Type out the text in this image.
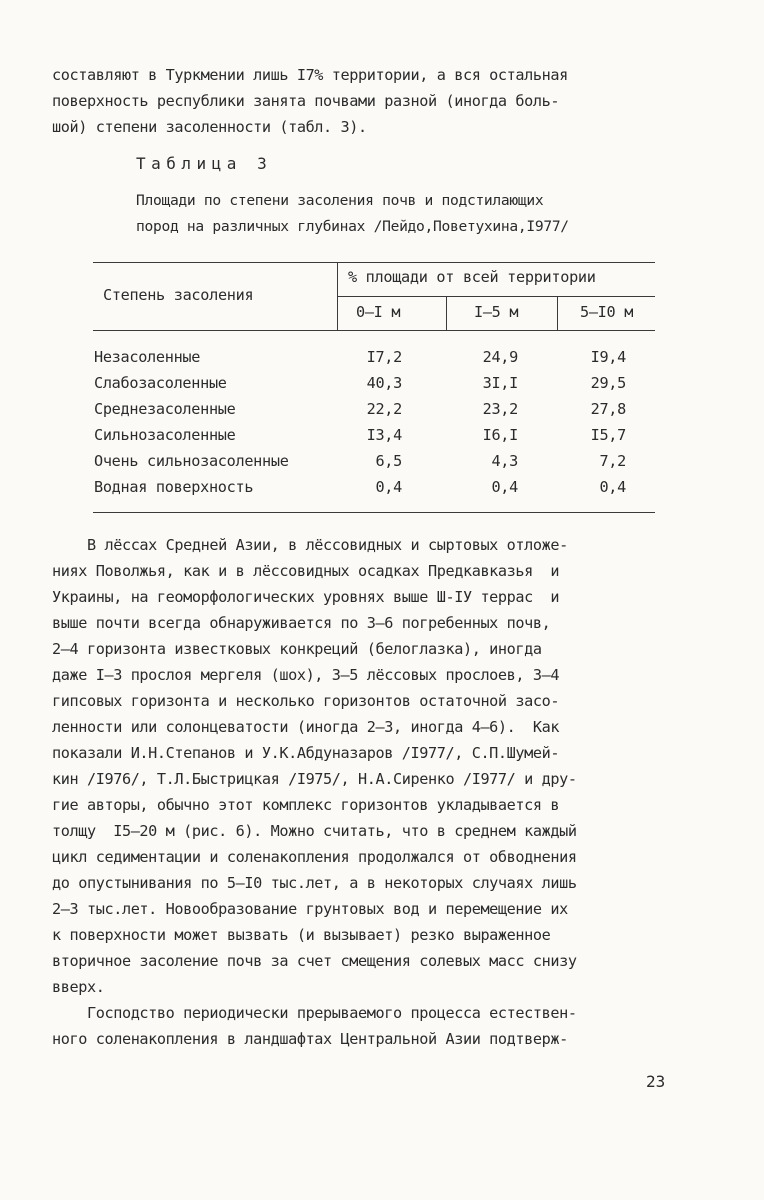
составляют в Туркмении лишь I7% территории, а вся остальная
поверхность республики занята почвами разной (иногда боль-
шой) степени засоленности (табл. 3).
Таблица 3
Площади по степени засоления почв и подстилающих
пород на различных глубинах /Пейдо,Поветухина,I977/
Степень засоления
% площади от всей территории
0–I м	I–5 м	5–I0 м
Незасоленные	I7,2	24,9	I9,4
Слабозасоленные	40,3	3I,I	29,5
Среднезасоленные	22,2	23,2	27,8
Сильнозасоленные	I3,4	I6,I	I5,7
Очень сильнозасоленные	6,5	4,3	7,2
Водная поверхность	0,4	0,4	0,4
В лёссах Средней Азии, в лёссовидных и сыртовых отложе-
ниях Поволжья, как и в лёссовидных осадках Предкавказья  и
Украины, на геоморфологических уровнях выше Ш-IУ террас  и
выше почти всегда обнаруживается по 3–6 погребенных почв,
2–4 горизонта известковых конкреций (белоглазка), иногда
даже I–3 прослоя мергеля (шох), 3–5 лёссовых прослоев, 3–4
гипсовых горизонта и несколько горизонтов остаточной засо-
ленности или солонцеватости (иногда 2–3, иногда 4–6).  Как
показали И.Н.Степанов и У.К.Абдуназаров /I977/, С.П.Шумей-
кин /I976/, Т.Л.Быстрицкая /I975/, Н.А.Сиренко /I977/ и дру-
гие авторы, обычно этот комплекс горизонтов укладывается в
толщу  I5–20 м (рис. 6). Можно считать, что в среднем каждый
цикл седиментации и соленакопления продолжался от обводнения
до опустынивания по 5–I0 тыс.лет, а в некоторых случаях лишь
2–3 тыс.лет. Новообразование грунтовых вод и перемещение их
к поверхности может вызвать (и вызывает) резко выраженное
вторичное засоление почв за счет смещения солевых масс снизу
вверх.
Господство периодически прерываемого процесса естествен-
ного соленакопления в ландшафтах Центральной Азии подтверж-
23
